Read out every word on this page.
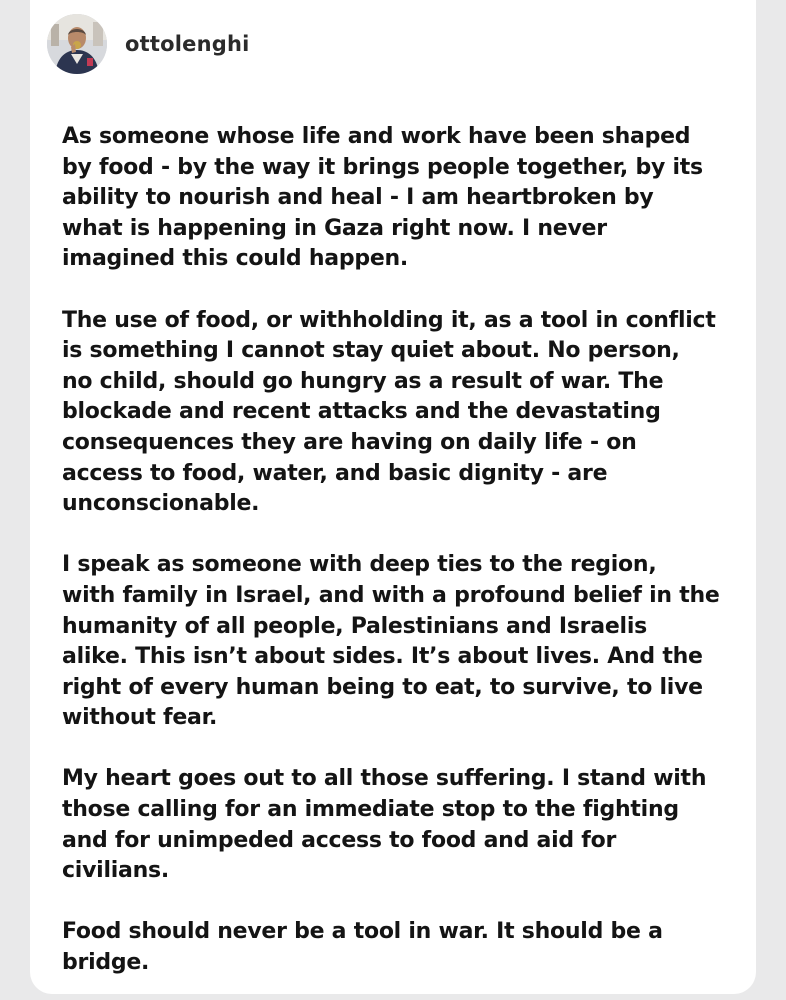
ottolenghi

As someone whose life and work have been shaped
by food - by the way it brings people together, by its
ability to nourish and heal - I am heartbroken by
what is happening in Gaza right now. I never
imagined this could happen.

The use of food, or withholding it, as a tool in conflict
is something I cannot stay quiet about. No person,
no child, should go hungry as a result of war. The
blockade and recent attacks and the devastating
consequences they are having on daily life - on
access to food, water, and basic dignity - are
unconscionable.

I speak as someone with deep ties to the region,
with family in Israel, and with a profound belief in the
humanity of all people, Palestinians and Israelis
alike. This isn’t about sides. It’s about lives. And the
right of every human being to eat, to survive, to live
without fear.

My heart goes out to all those suffering. I stand with
those calling for an immediate stop to the fighting
and for unimpeded access to food and aid for
civilians.

Food should never be a tool in war. It should be a
bridge.
